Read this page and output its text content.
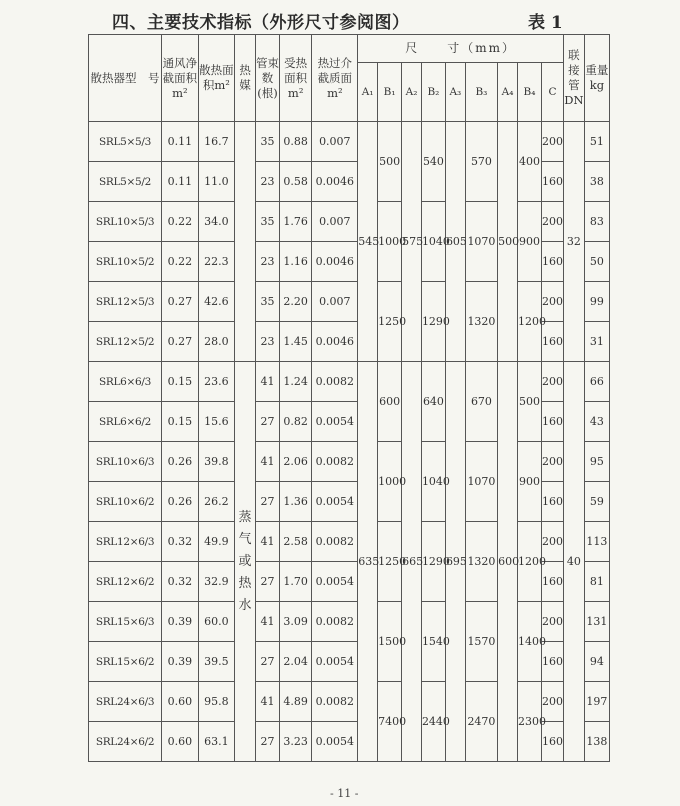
四、主要技术指标（外形尺寸参阅图）	表 1
散热器型　号	通风净截面积m²	散热面积m²	热媒	管束数(根)	受热面积m²	热过介截质面m²	尺　　寸（mm）									联接管DN	重量kg
							A₁	B₁	A₂	B₂	A₃	B₃	A₄	B₄	C		
SRL5×5/3	0.11	16.7		35	0.88	0.007	545	500	575	540	605	570	500	400	200	32	51
SRL5×5/2	0.11	11.0		23	0.58	0.0046									160		38
SRL10×5/3	0.22	34.0		35	1.76	0.007		1000		1040		1070		900	200		83
SRL10×5/2	0.22	22.3		23	1.16	0.0046									160		50
SRL12×5/3	0.27	42.6		35	2.20	0.007		1250		1290		1320		1200	200		99
SRL12×5/2	0.27	28.0		23	1.45	0.0046									160		31
SRL6×6/3	0.15	23.6	蒸气或热水	41	1.24	0.0082	635	600	665	640	695	670	600	500	200	40	66
SRL6×6/2	0.15	15.6		27	0.82	0.0054									160		43
SRL10×6/3	0.26	39.8		41	2.06	0.0082		1000		1040		1070		900	200		95
SRL10×6/2	0.26	26.2		27	1.36	0.0054									160		59
SRL12×6/3	0.32	49.9		41	2.58	0.0082		1250		1290		1320		1200	200		113
SRL12×6/2	0.32	32.9		27	1.70	0.0054									160		81
SRL15×6/3	0.39	60.0		41	3.09	0.0082		1500		1540		1570		1400	200		131
SRL15×6/2	0.39	39.5		27	2.04	0.0054									160		94
SRL24×6/3	0.60	95.8		41	4.89	0.0082		7400		2440		2470		2300	200		197
SRL24×6/2	0.60	63.1		27	3.23	0.0054									160		138
- 11 -
